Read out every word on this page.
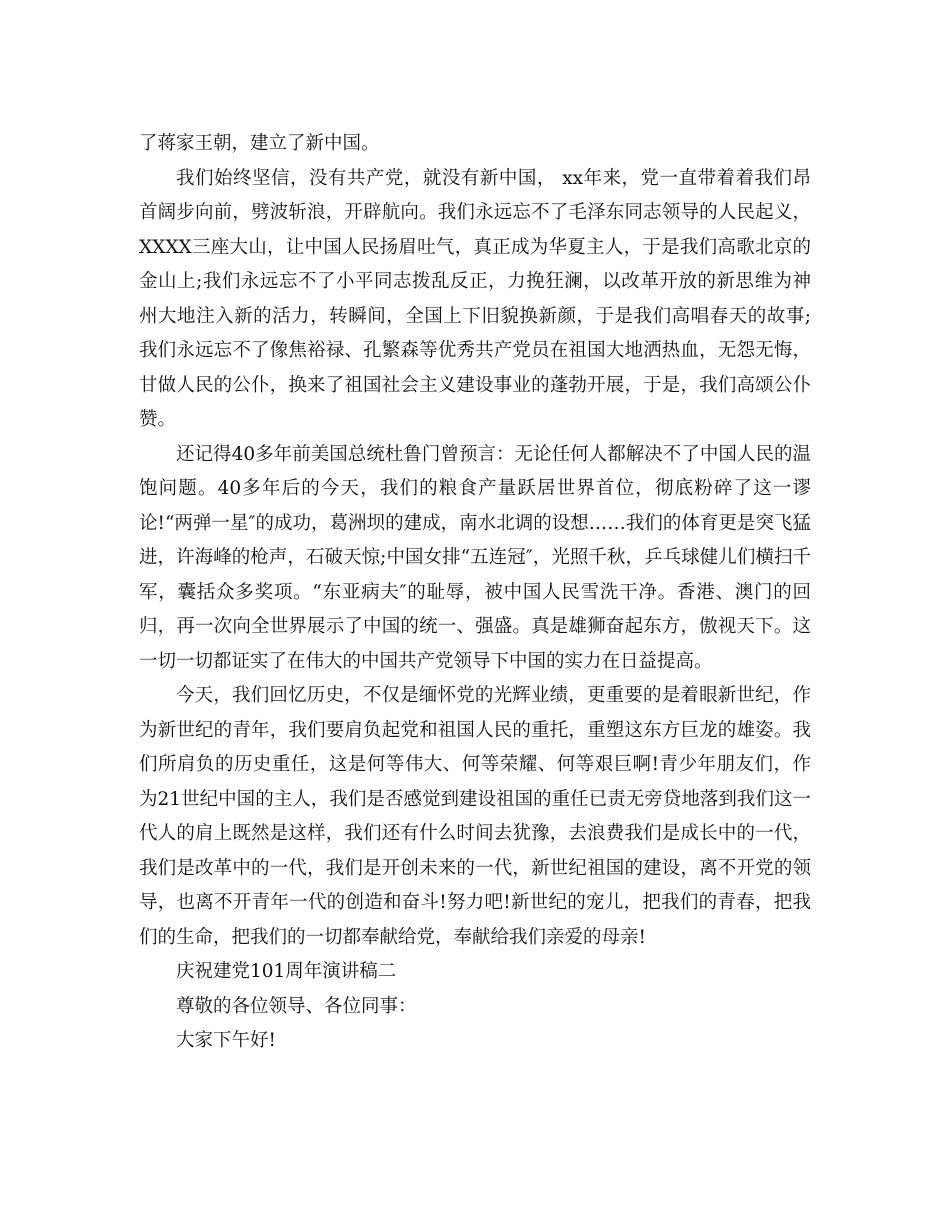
了蒋家王朝，建立了新中国。

我们始终坚信，没有共产党，就没有新中国， xx年来，党一直带着着我们昂首阔步向前，劈波斩浪，开辟航向。我们永远忘不了毛泽东同志领导的人民起义，XXXX三座大山，让中国人民扬眉吐气，真正成为华夏主人，于是我们高歌北京的金山上;我们永远忘不了小平同志拨乱反正，力挽狂澜，以改革开放的新思维为神州大地注入新的活力，转瞬间，全国上下旧貌换新颜，于是我们高唱春天的故事;我们永远忘不了像焦裕禄、孔繁森等优秀共产党员在祖国大地洒热血，无怨无悔，甘做人民的公仆，换来了祖国社会主义建设事业的蓬勃开展，于是，我们高颂公仆赞。

还记得40多年前美国总统杜鲁门曾预言：无论任何人都解决不了中国人民的温饱问题。40多年后的今天，我们的粮食产量跃居世界首位，彻底粉碎了这一谬论!“两弹一星″的成功，葛洲坝的建成，南水北调的设想……我们的体育更是突飞猛进，许海峰的枪声，石破天惊;中国女排“五连冠″，光照千秋，乒乓球健儿们横扫千军，囊括众多奖项。“东亚病夫″的耻辱，被中国人民雪洗干净。香港、澳门的回归，再一次向全世界展示了中国的统一、强盛。真是雄狮奋起东方，傲视天下。这一切一切都证实了在伟大的中国共产党领导下中国的实力在日益提高。

今天，我们回忆历史，不仅是缅怀党的光辉业绩，更重要的是着眼新世纪，作为新世纪的青年，我们要肩负起党和祖国人民的重托，重塑这东方巨龙的雄姿。我们所肩负的历史重任，这是何等伟大、何等荣耀、何等艰巨啊!青少年朋友们，作为21世纪中国的主人，我们是否感觉到建设祖国的重任已责无旁贷地落到我们这一代人的肩上既然是这样，我们还有什么时间去犹豫，去浪费我们是成长中的一代，我们是改革中的一代，我们是开创未来的一代，新世纪祖国的建设，离不开党的领导，也离不开青年一代的创造和奋斗!努力吧!新世纪的宠儿，把我们的青春，把我们的生命，把我们的一切都奉献给党，奉献给我们亲爱的母亲!

庆祝建党101周年演讲稿二

尊敬的各位领导、各位同事：

大家下午好!
